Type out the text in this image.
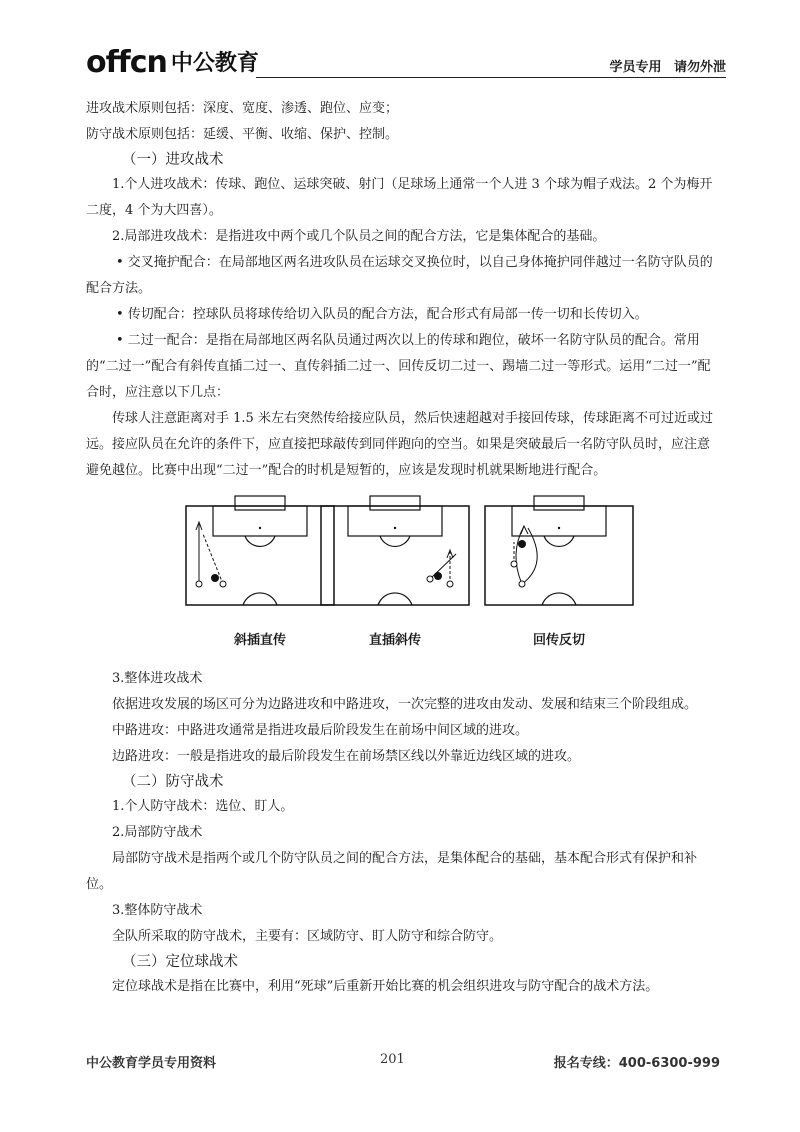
offcn 中公教育	学员专用 请勿外泄

进攻战术原则包括：深度、宽度、渗透、跑位、应变；

防守战术原则包括：延缓、平衡、收缩、保护、控制。

（一）进攻战术

1.个人进攻战术：传球、跑位、运球突破、射门（足球场上通常一个人进 3 个球为帽子戏法。2 个为梅开二度，4 个为大四喜）。

2.局部进攻战术：是指进攻中两个或几个队员之间的配合方法，它是集体配合的基础。

• 交叉掩护配合：在局部地区两名进攻队员在运球交叉换位时，以自己身体掩护同伴越过一名防守队员的配合方法。

• 传切配合：控球队员将球传给切入队员的配合方法，配合形式有局部一传一切和长传切入。

• 二过一配合：是指在局部地区两名队员通过两次以上的传球和跑位，破坏一名防守队员的配合。常用的“二过一”配合有斜传直插二过一、直传斜插二过一、回传反切二过一、踢墙二过一等形式。运用“二过一”配合时，应注意以下几点：

传球人注意距离对手 1.5 米左右突然传给接应队员，然后快速超越对手接回传球，传球距离不可过近或过远。接应队员在允许的条件下，应直接把球敲传到同伴跑向的空当。如果是突破最后一名防守队员时，应注意避免越位。比赛中出现“二过一”配合的时机是短暂的，应该是发现时机就果断地进行配合。

斜插直传	直插斜传	回传反切

3.整体进攻战术

依据进攻发展的场区可分为边路进攻和中路进攻，一次完整的进攻由发动、发展和结束三个阶段组成。

中路进攻：中路进攻通常是指进攻最后阶段发生在前场中间区域的进攻。

边路进攻：一般是指进攻的最后阶段发生在前场禁区线以外靠近边线区域的进攻。

（二）防守战术

1.个人防守战术：选位、盯人。

2.局部防守战术

局部防守战术是指两个或几个防守队员之间的配合方法，是集体配合的基础，基本配合形式有保护和补位。

3.整体防守战术

全队所采取的防守战术，主要有：区域防守、盯人防守和综合防守。

（三）定位球战术

定位球战术是指在比赛中，利用“死球”后重新开始比赛的机会组织进攻与防守配合的战术方法。

中公教育学员专用资料	201	报名专线：400-6300-999
